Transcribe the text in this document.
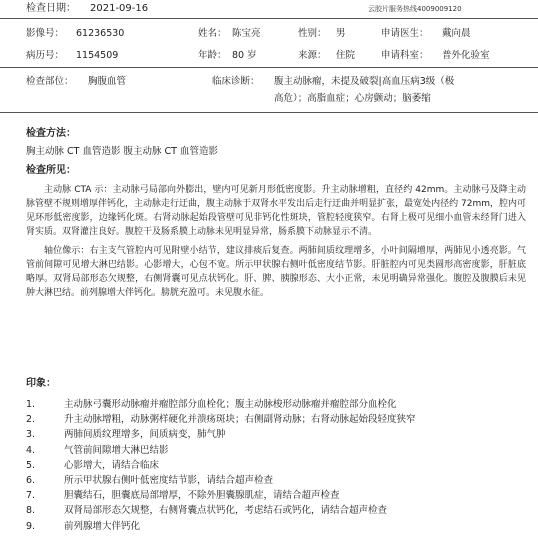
检查日期： 2021-09-16	云胶片服务热线4009009120
影像号： 61236530	姓名： 陈宝亮	性别： 男	申请医生： 戴向晨
病历号： 1154509	年龄： 80 岁	来源： 住院	申请科室： 普外化验室
检查部位： 胸腹血管	临床诊断： 腹主动脉瘤，未提及破裂|高血压病3级（极
高危）；高脂血症；心房颤动；脑萎缩
检查方法：
胸主动脉 CT 血管造影 腹主动脉 CT 血管造影
检查所见：

主动脉 CTA 示：主动脉弓局部向外膨出，壁内可见新月形低密度影。升主动脉增粗，直径约 42mm。主动脉弓及降主动脉管壁不规则增厚伴钙化，主动脉走行迂曲，腹主动脉于双肾水平发出后走行迂曲并明显扩张，最宽处内径约 72mm，腔内可见环形低密度影，边缘钙化斑。右肾动脉起始段管壁可见非钙化性斑块，管腔轻度狭窄。右肾上极可见细小血管未经肾门进入肾实质。双肾灌注良好。腹腔干及肠系膜上动脉未见明显异常，肠系膜下动脉显示不清。

轴位像示：右主支气管腔内可见附壁小结节，建议排痰后复查。两肺间质纹理增多，小叶间隔增厚，两肺见小透亮影。气管前间隙可见增大淋巴结影。心影增大，心包不宽。所示甲状腺右侧叶低密度结节影。肝脏腔内可见类圆形高密度影，肝脏底略厚。双肾局部形态欠规整，右侧肾囊可见点状钙化。肝、脾、胰腺形态、大小正常，未见明确异常强化。腹腔及腹膜后未见肿大淋巴结。前列腺增大伴钙化。膀胱充盈可。未见腹水征。

印象：
1.	主动脉弓囊形动脉瘤并瘤腔部分血栓化；腹主动脉梭形动脉瘤并瘤腔部分血栓化
2.	升主动脉增粗，动脉粥样硬化并溃疡斑块；右侧副肾动脉；右肾动脉起始段轻度狭窄
3.	两肺间质纹理增多，间质病变，肺气肿
4.	气管前间隙增大淋巴结影
5.	心影增大，请结合临床
6.	所示甲状腺右侧叶低密度结节影，请结合超声检查
7.	胆囊结石，胆囊底局部增厚，不除外胆囊腺肌症，请结合超声检查
8.	双肾局部形态欠规整，右侧肾囊点状钙化，考虑结石或钙化，请结合超声检查
9.	前列腺增大伴钙化
